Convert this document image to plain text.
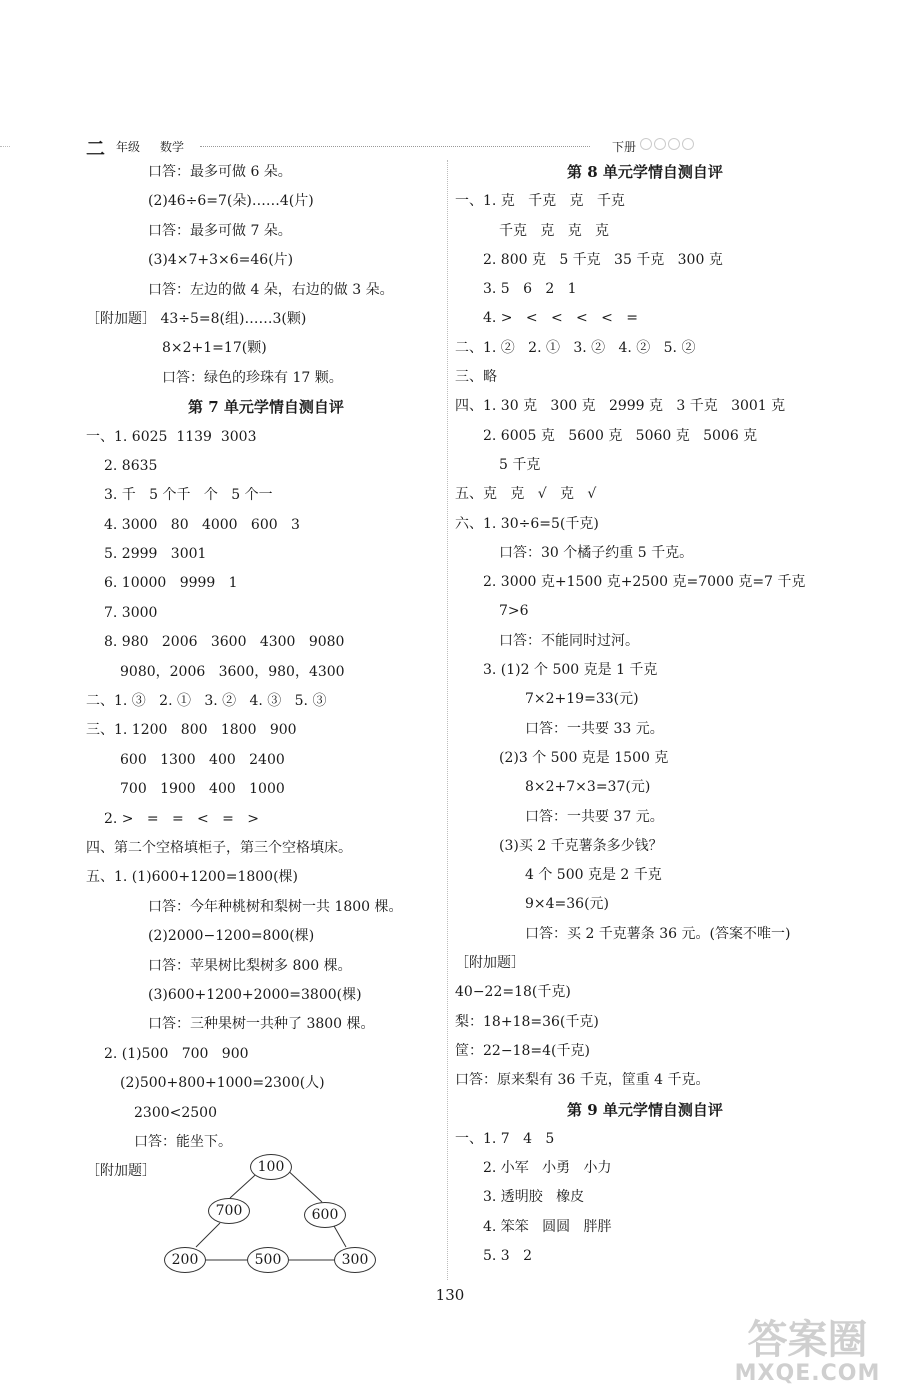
二 年级 数学	下册
口答：最多可做 6 朵。
(2)46÷6=7(朵)……4(片)
口答：最多可做 7 朵。
(3)4×7+3×6=46(片)
口答：左边的做 4 朵，右边的做 3 朵。
［附加题］ 43÷5=8(组)……3(颗)
8×2+1=17(颗)
口答：绿色的珍珠有 17 颗。
第 7 单元学情自测自评
一、1. 6025  1139  3003
2. 8635
3. 千   5 个千   个   5 个一
4. 3000   80   4000   600   3
5. 2999   3001
6. 10000   9999   1
7. 3000
8. 980   2006   3600   4300   9080
9080，2006   3600，980，4300
二、1. ③   2. ①   3. ②   4. ③   5. ③
三、1. 1200   800   1800   900
600   1300   400   2400
700   1900   400   1000
2. >   =   =   <   =   >
四、第二个空格填柜子，第三个空格填床。
五、1. (1)600+1200=1800(棵)
口答：今年种桃树和梨树一共 1800 棵。
(2)2000−1200=800(棵)
口答：苹果树比梨树多 800 棵。
(3)600+1200+2000=3800(棵)
口答：三种果树一共种了 3800 棵。
2. (1)500   700   900
(2)500+800+1000=2300(人)
2300<2500
口答：能坐下。
［附加题］	100
700	600
200	500	300
第 8 单元学情自测自评
一、1. 克   千克   克   千克
千克   克   克   克
2. 800 克   5 千克   35 千克   300 克
3. 5   6   2   1
4. >   <   <   <   <   =
二、1. ②   2. ①   3. ②   4. ②   5. ②
三、略
四、1. 30 克   300 克   2999 克   3 千克   3001 克
2. 6005 克   5600 克   5060 克   5006 克
5 千克
五、克   克   √   克   √
六、1. 30÷6=5(千克)
口答：30 个橘子约重 5 千克。
2. 3000 克+1500 克+2500 克=7000 克=7 千克
7>6
口答：不能同时过河。
3. (1)2 个 500 克是 1 千克
7×2+19=33(元)
口答：一共要 33 元。
(2)3 个 500 克是 1500 克
8×2+7×3=37(元)
口答：一共要 37 元。
(3)买 2 千克薯条多少钱？
4 个 500 克是 2 千克
9×4=36(元)
口答：买 2 千克薯条 36 元。(答案不唯一)
［附加题］
40−22=18(千克)
梨：18+18=36(千克)
筐：22−18=4(千克)
口答：原来梨有 36 千克，筐重 4 千克。
第 9 单元学情自测自评
一、1. 7   4   5
2. 小军   小勇   小力
3. 透明胶   橡皮
4. 笨笨   圆圆   胖胖
5. 3   2
130
答案圈
MXQE.COM
